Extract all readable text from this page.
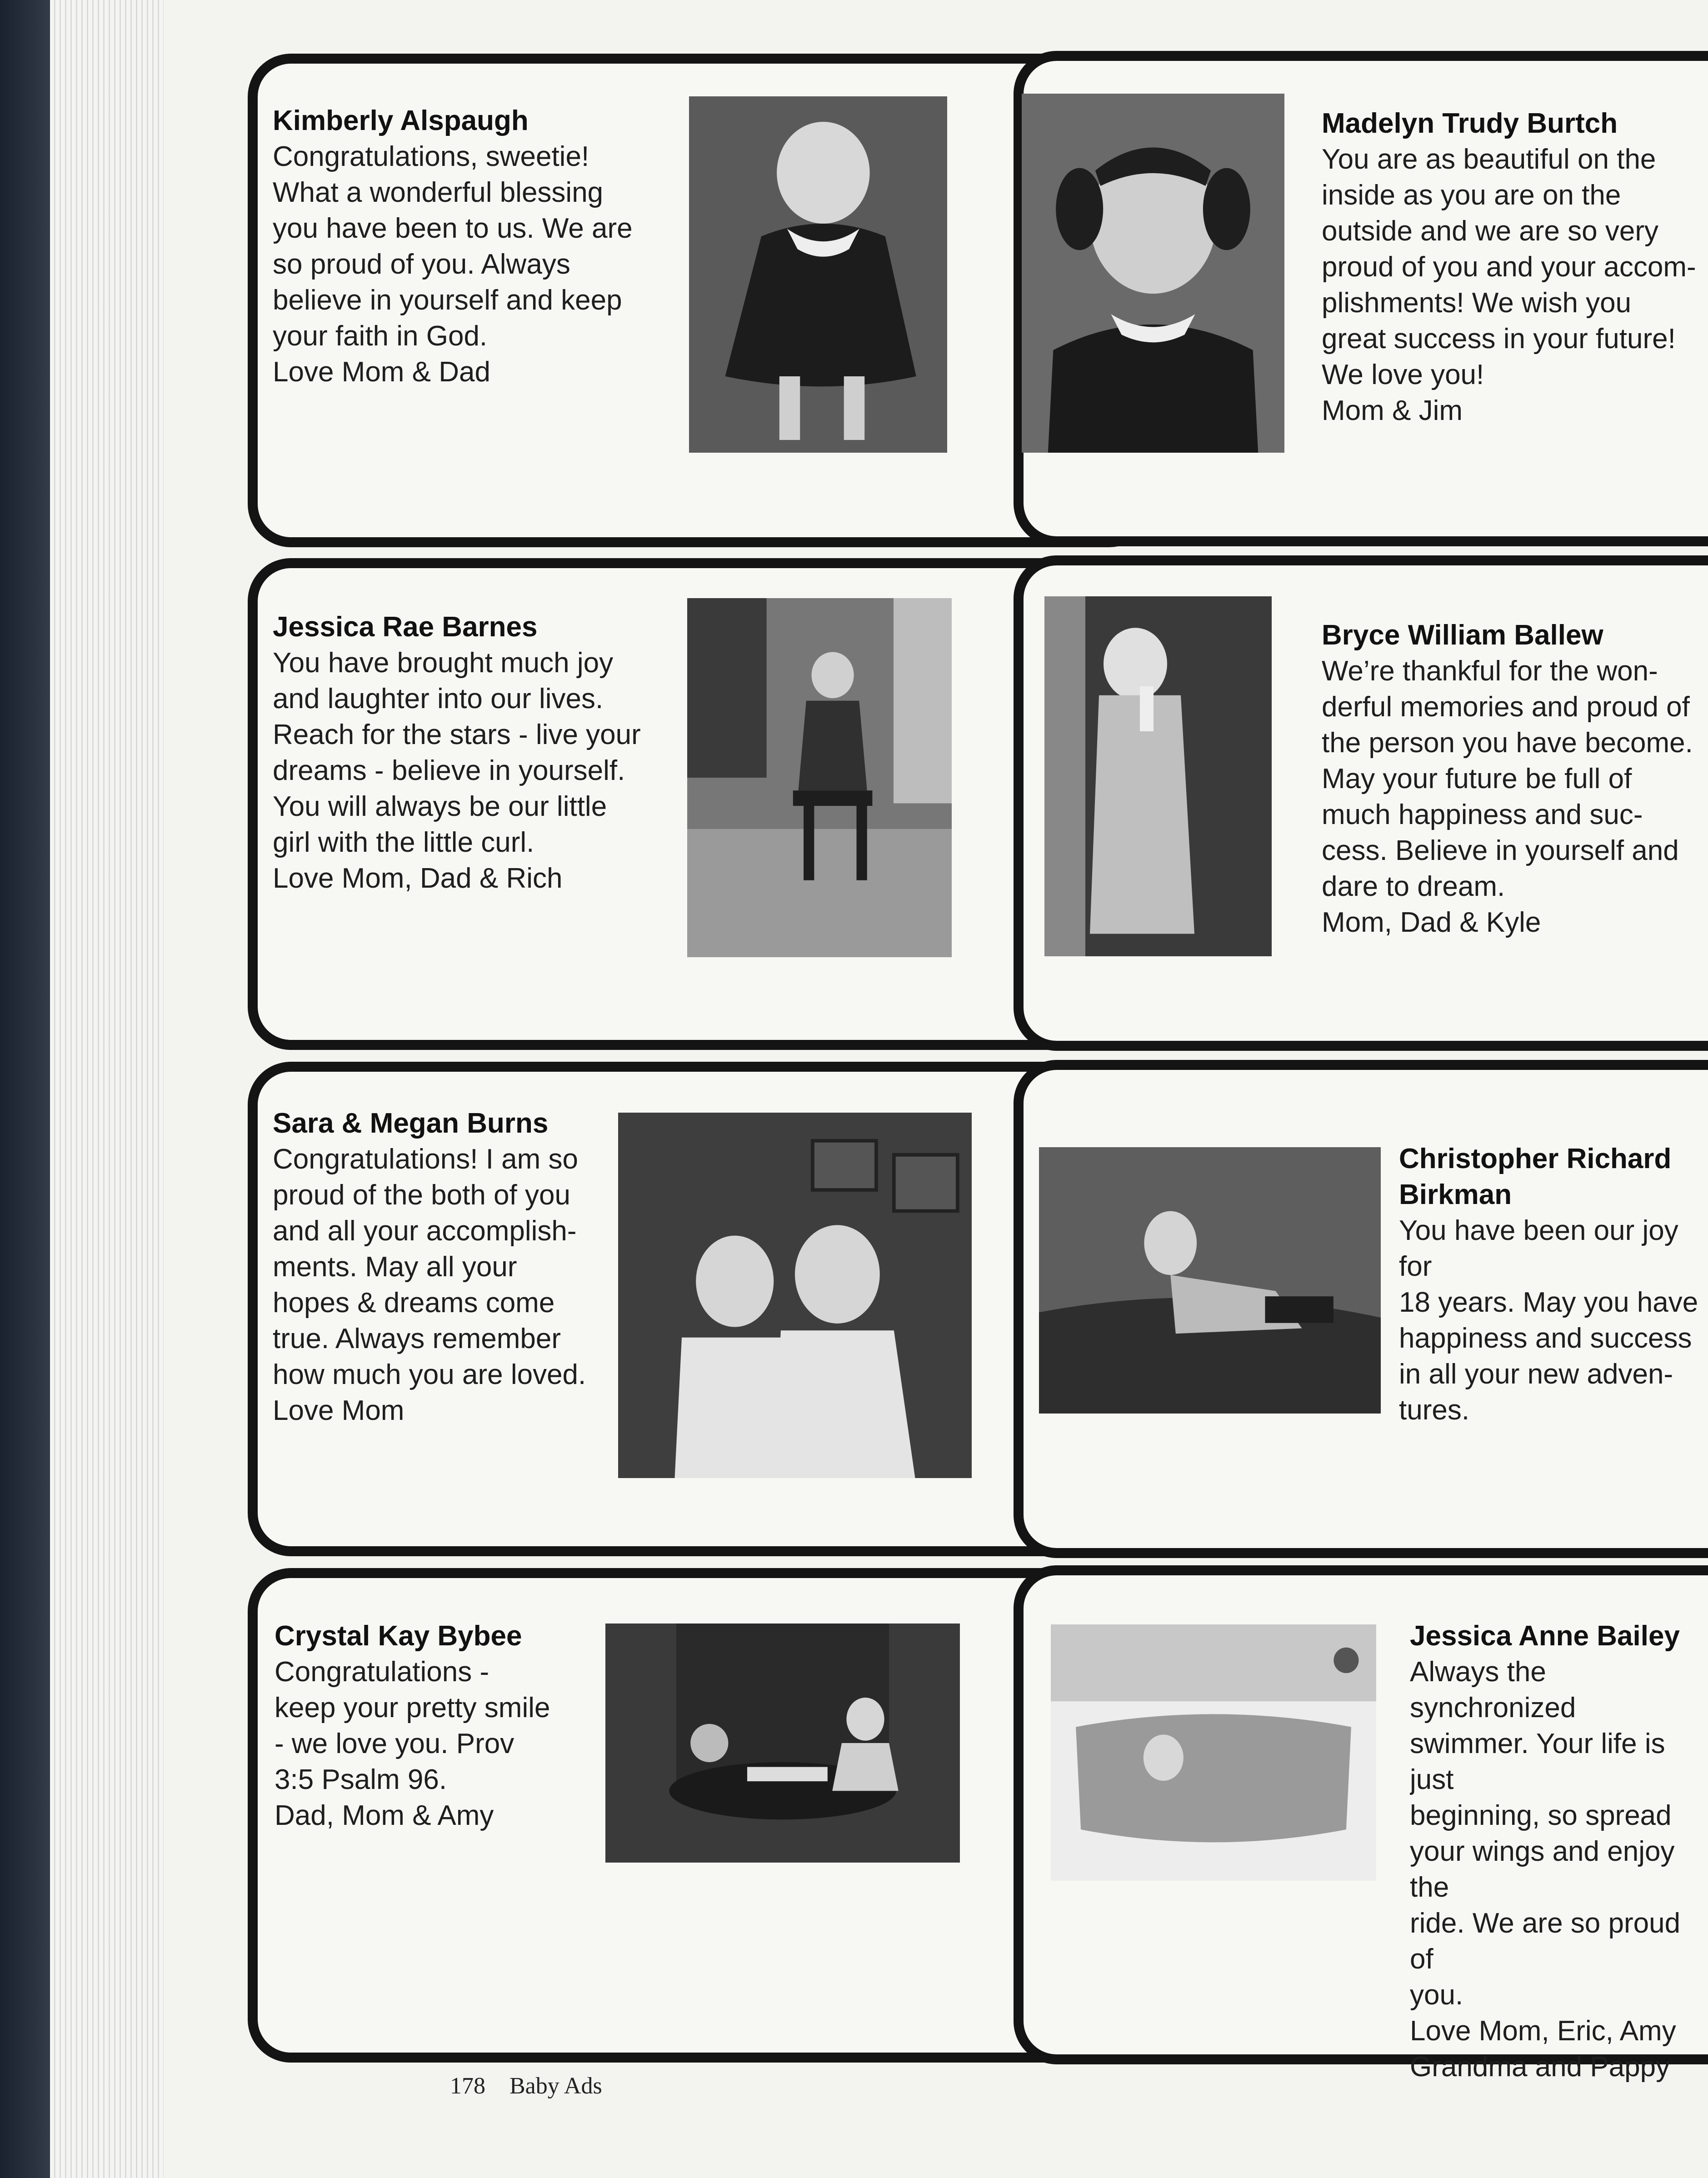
Kimberly Alspaugh
Congratulations, sweetie!
What a wonderful blessing
you have been to us. We are
so proud of you. Always
believe in yourself and keep
your faith in God.
Love Mom & Dad
Madelyn Trudy Burtch
You are as beautiful on the
inside as you are on the
outside and we are so very
proud of you and your accom-
plishments! We wish you
great success in your future!
We love you!
Mom & Jim
Jessica Rae Barnes
You have brought much joy
and laughter into our lives.
Reach for the stars - live your
dreams - believe in yourself.
You will always be our little
girl with the little curl.
Love Mom, Dad & Rich
Bryce William Ballew
We’re thankful for the won-
derful memories and proud of
the person you have become.
May your future be full of
much happiness and suc-
cess. Believe in yourself and
dare to dream.
Mom, Dad & Kyle
Sara & Megan Burns
Congratulations! I am so
proud of the both of you
and all your accomplish-
ments. May all your
hopes & dreams come
true. Always remember
how much you are loved.
Love Mom
Christopher Richard
Birkman
You have been our joy for
18 years. May you have
happiness and success
in all your new adven-
tures.
Crystal Kay Bybee
Congratulations -
keep your pretty smile
- we love you. Prov
3:5 Psalm 96.
Dad, Mom & Amy
Jessica Anne Bailey
Always the synchronized
swimmer. Your life is just
beginning, so spread
your wings and enjoy the
ride. We are so proud of
you.
Love Mom, Eric, Amy
Grandma and Pappy
178 Baby Ads
